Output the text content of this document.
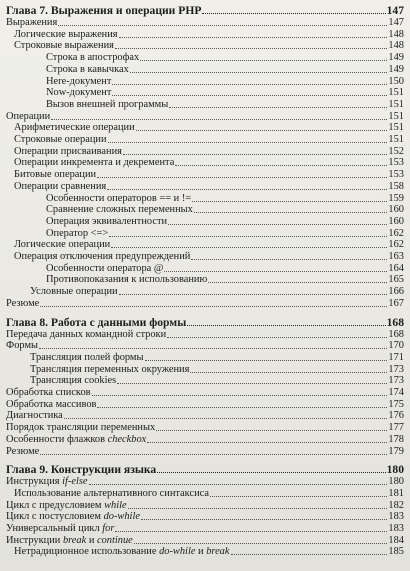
Глава 7. Выражения и операции PHP	147
Выражения	147
Логические выражения	148
Строковые выражения	148
Строка в апострофах	149
Строка в кавычках	149
Here-документ	150
Now-документ	151
Вызов внешней программы	151
Операции	151
Арифметические операции	151
Строковые операции	151
Операции присваивания	152
Операции инкремента и декремента	153
Битовые операции	153
Операции сравнения	158
Особенности операторов == и !=	159
Сравнение сложных переменных	160
Операция эквивалентности	160
Оператор <=>	162
Логические операции	162
Операция отключения предупреждений	163
Особенности оператора @	164
Противопоказания к использованию	165
Условные операции	166
Резюме	167
Глава 8. Работа с данными формы	168
Передача данных командной строки	168
Формы	170
Трансляция полей формы	171
Трансляция переменных окружения	173
Трансляция cookies	173
Обработка списков	174
Обработка массивов	175
Диагностика	176
Порядок трансляции переменных	177
Особенности флажков checkbox	178
Резюме	179
Глава 9. Конструкции языка	180
Инструкция if-else	180
Использование альтернативного синтаксиса	181
Цикл с предусловием while	182
Цикл с постусловием do-while	183
Универсальный цикл for	183
Инструкции break и continue	184
Нетрадиционное использование do-while и break	185
